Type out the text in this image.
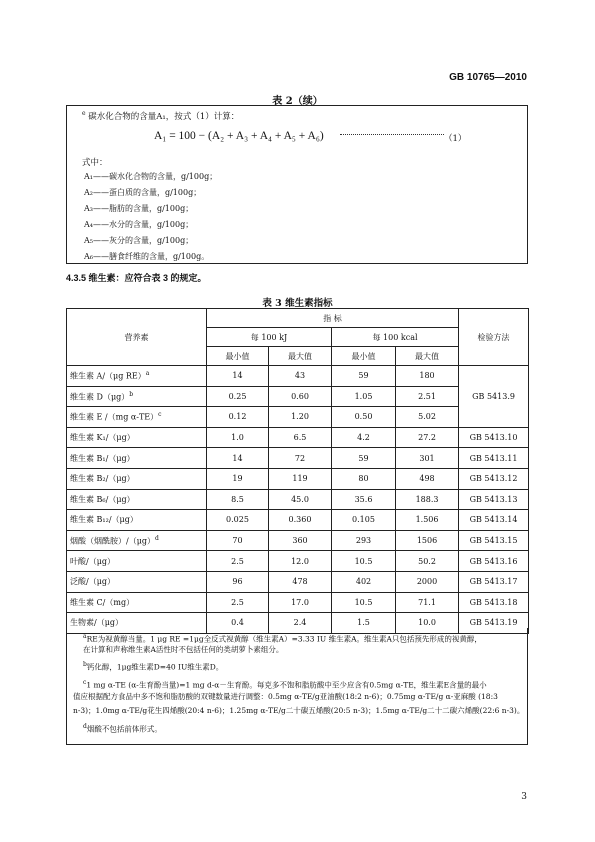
GB 10765—2010
表 2（续）
$^e$ 碳水化合物的含量A₁，按式（1）计算：
A₁ = 100 − (A₂ + A₃ + A₄ + A₅ + A₆)	（1）
式中：
A₁——碳水化合物的含量，g/100g；
A₂——蛋白质的含量，g/100g；
A₃——脂肪的含量，g/100g；
A₄——水分的含量，g/100g；
A₅——灰分的含量，g/100g；
A₆——膳食纤维的含量，g/100g。
4.3.5 维生素：应符合表 3 的规定。
表 3 维生素指标
营养素	指 标				检验方法
	每 100 kJ		每 100 kcal		
	最小值	最大值	最小值	最大值	
维生素 A/（μg RE）$^a$	14	43	59	180	GB 5413.9
维生素 $D(\mu g)^b$	0.25	0.60	1.05	2.51	
维生素 E /（mg α-TE）$^c$	0.12	1.20	0.50	5.02	
维生素 K₁/（μg）	1.0	6.5	4.2	27.2	GB 5413.10
维生素 B₁/（μg）	14	72	59	301	GB 5413.11
维生素 B₂/（μg）	19	119	80	498	GB 5413.12
维生素 B₆/（μg）	8.5	45.0	35.6	188.3	GB 5413.13
维生素 B₁₂/（μg）	0.025	0.360	0.105	1.506	GB 5413.14
烟酸（烟酰胺）$/(\mu g)^d$	70	360	293	1506	GB 5413.15
叶酸/（μg）	2.5	12.0	10.5	50.2	GB 5413.16
泛酸/（μg）	96	478	402	2000	GB 5413.17
维生素 C/（mg）	2.5	17.0	10.5	71.1	GB 5413.18
生物素/（μg）	0.4	2.4	1.5	10.0	GB 5413.19
$^a$RE为视黄醇当量。1 μg RE =1μg全反式视黄醇（维生素A）=3.33 IU 维生素A。维生素A只包括预先形成的视黄醇，
在计算和声称维生素A活性时不包括任何的类胡萝卜素组分。
$^b$钙化醇，1μg维生素D=40 IU维生素D。
$^c$1 mg α-TE (α-生育酚当量)=1 mg d-α－生育酚。每克多不饱和脂肪酸中至少应含有0.5mg α-TE，维生素E含量的最小
值应根据配方食品中多不饱和脂肪酸的双键数量进行调整：0.5mg α-TE/g亚油酸(18:2 n-6)；0.75mg α-TE/g α-亚麻酸 (18:3
n-3)；1.0mg α-TE/g花生四烯酸(20:4 n-6)；1.25mg α-TE/g二十碳五烯酸(20:5 n-3)；1.5mg α-TE/g二十二碳六烯酸(22:6 n-3)。
$^d$烟酸不包括前体形式。
3
